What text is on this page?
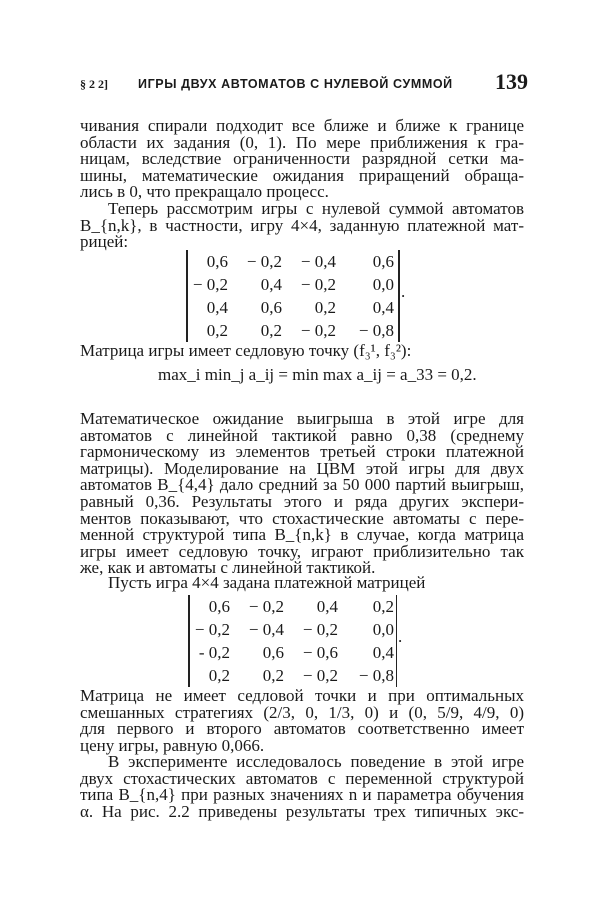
§ 2 2] ИГРЫ ДВУХ АВТОМАТОВ С НУЛЕВОЙ СУММОЙ 139
чивания спирали подходит все ближе и ближе к границе
области их задания (0, 1). По мере приближения к гра-
ницам, вследствие ограниченности разрядной сетки ма-
шины, математические ожидания приращений обраща-
лись в 0, что прекращало процесс.
Теперь рассмотрим игры с нулевой суммой автоматов
B_{n,k}, в частности, игру 4×4, заданную платежной мат-
рицей:
0,6	− 0,2	− 0,4	0,6
− 0,2	0,4	− 0,2	0,0
0,4	0,6	0,2	0,4
0,2	0,2	− 0,2	− 0,8
.
Матрица игры имеет седловую точку (f₃¹, f₃²):
max_i min_j a_ij = min max a_ij = a_33 = 0,2.
Математическое ожидание выигрыша в этой игре для
автоматов с линейной тактикой равно 0,38 (среднему
гармоническому из элементов третьей строки платежной
матрицы). Моделирование на ЦВМ этой игры для двух
автоматов B_{4,4} дало средний за 50 000 партий выигрыш,
равный 0,36. Результаты этого и ряда других экспери-
ментов показывают, что стохастические автоматы с пере-
менной структурой типа B_{n,k} в случае, когда матрица
игры имеет седловую точку, играют приблизительно так
же, как и автоматы с линейной тактикой.
Пусть игра 4×4 задана платежной матрицей
0,6	− 0,2	0,4	0,2
− 0,2	− 0,4	− 0,2	0,0
- 0,2	0,6	− 0,6	0,4
0,2	0,2	− 0,2	− 0,8
.
Матрица не имеет седловой точки и при оптимальных
смешанных стратегиях (2/3, 0, 1/3, 0) и (0, 5/9, 4/9, 0)
для первого и второго автоматов соответственно имеет
цену игры, равную 0,066.
В эксперименте исследовалось поведение в этой игре
двух стохастических автоматов с переменной структурой
типа B_{n,4} при разных значениях n и параметра обучения
α. На рис. 2.2 приведены результаты трех типичных экс-
